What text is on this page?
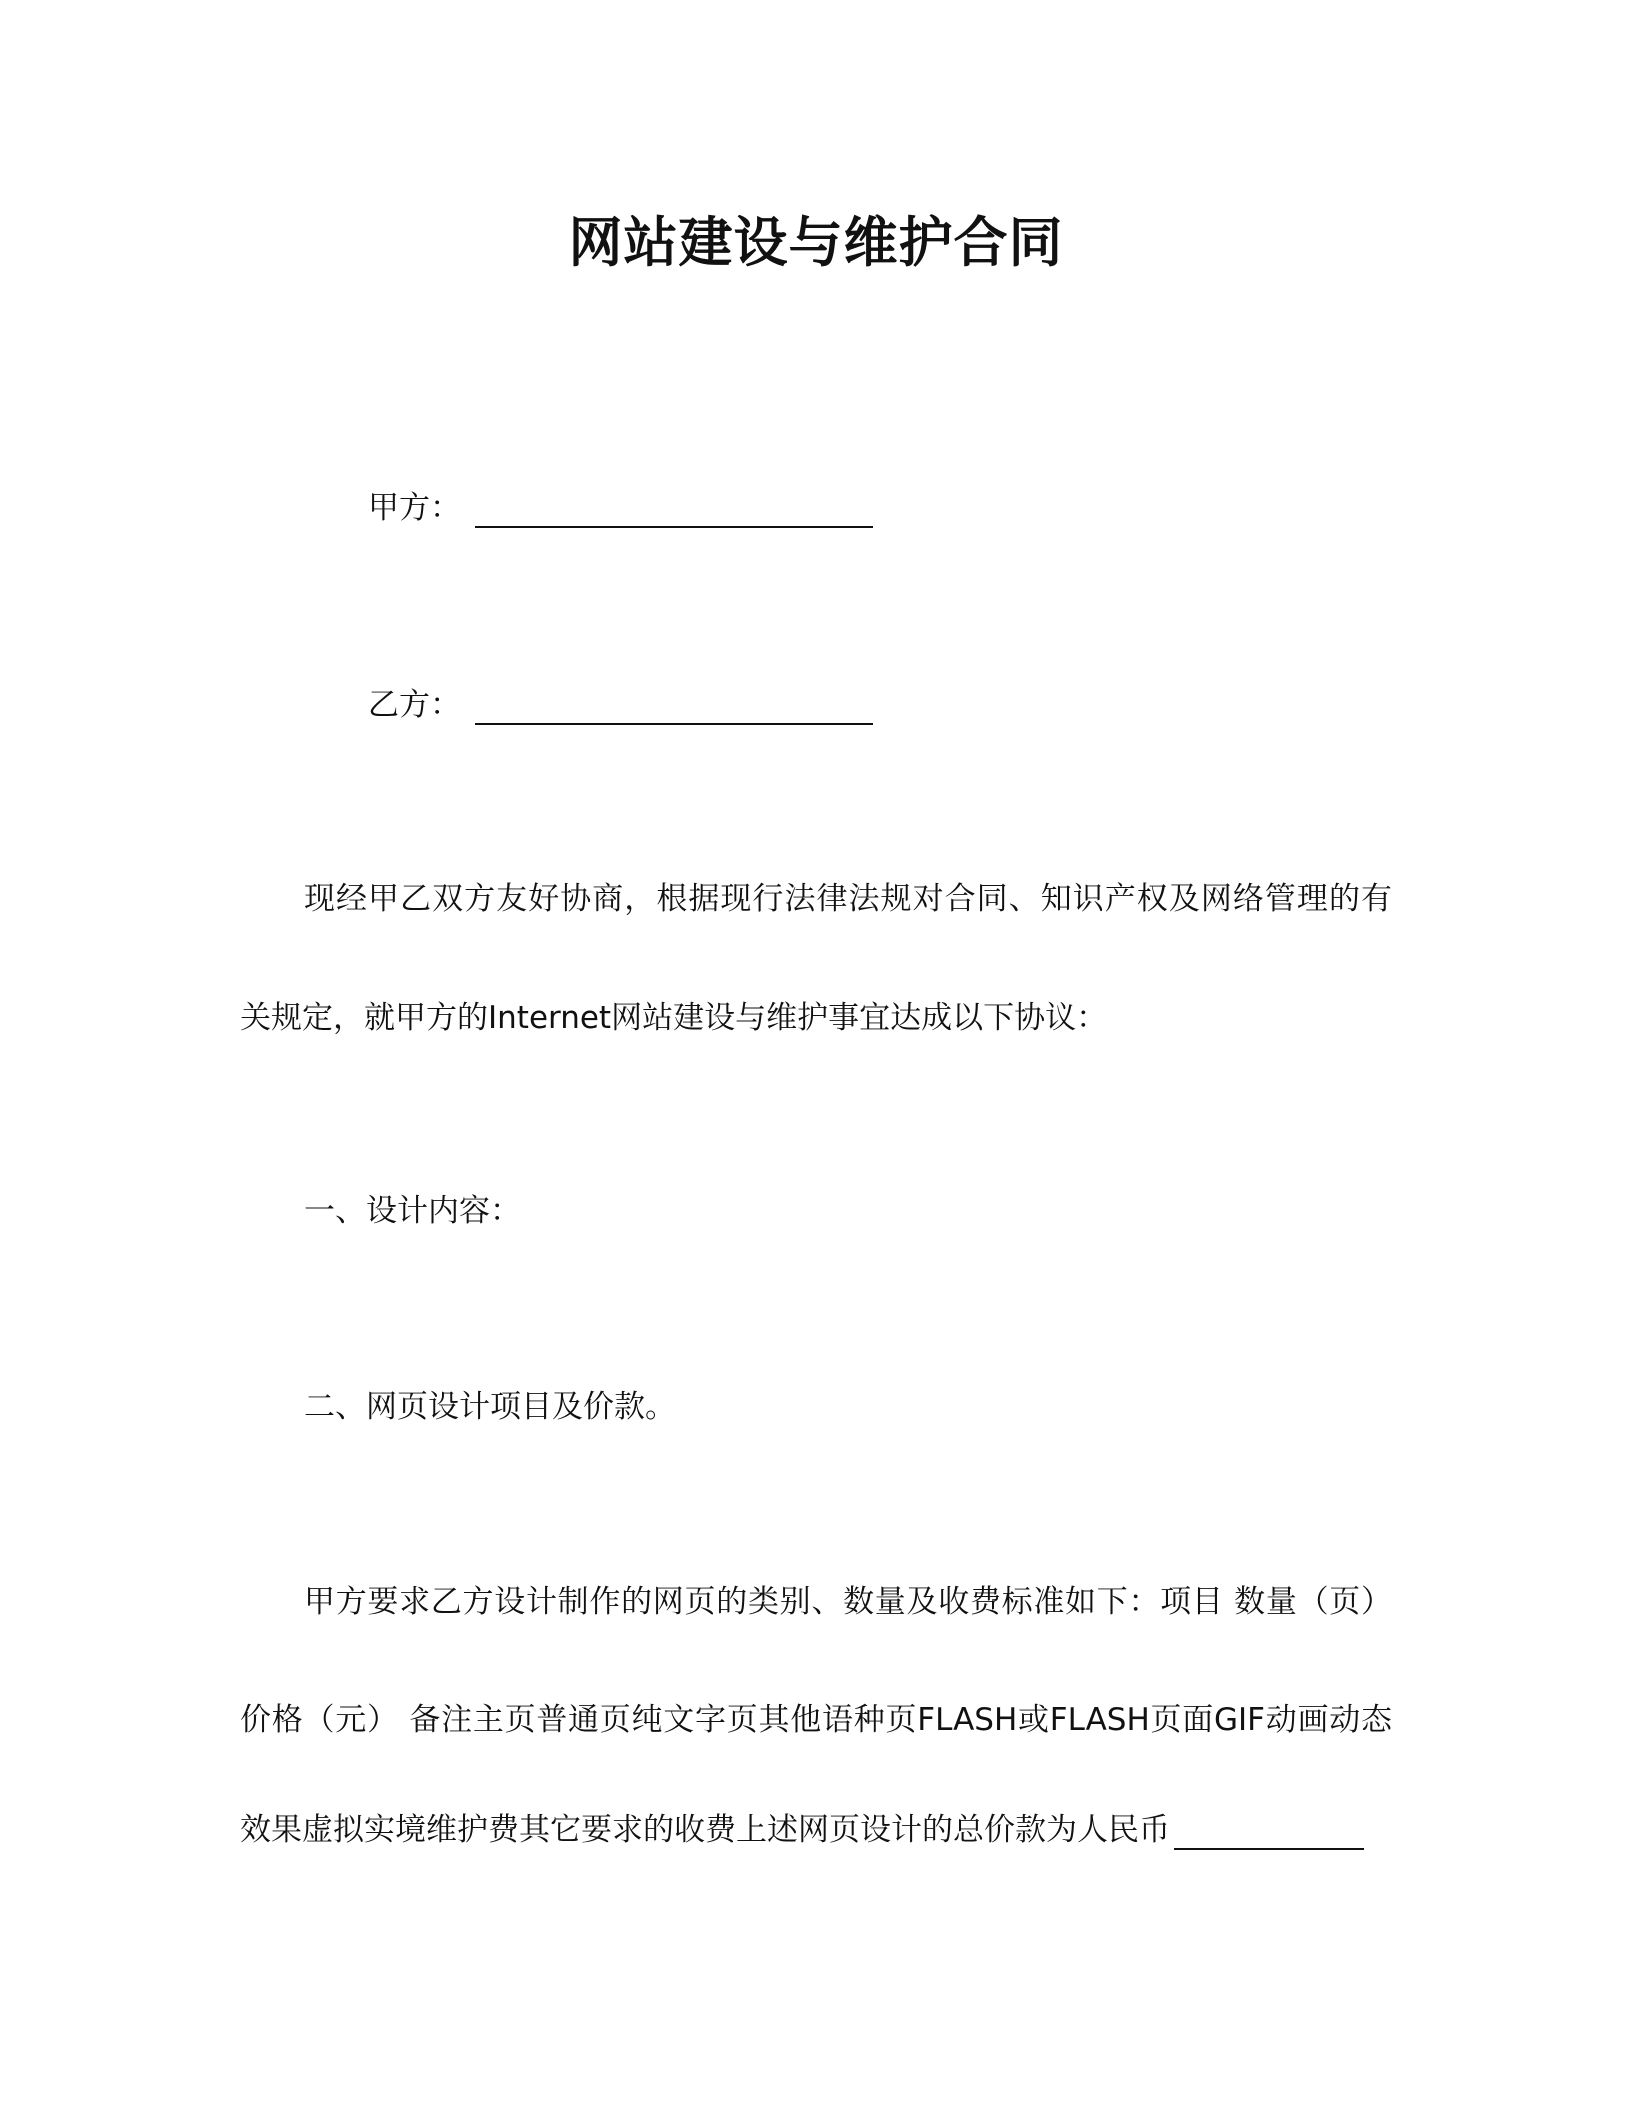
网站建设与维护合同
甲方：
乙方：
现经甲乙双方友好协商，根据现行法律法规对合同、知识产权及网络管理的有
关规定，就甲方的Internet网站建设与维护事宜达成以下协议：
一、设计内容：
二、网页设计项目及价款。
甲方要求乙方设计制作的网页的类别、数量及收费标准如下：项目 数量（页）
价格（元） 备注主页普通页纯文字页其他语种页FLASH或FLASH页面GIF动画动态
效果虚拟实境维护费其它要求的收费上述网页设计的总价款为人民币
